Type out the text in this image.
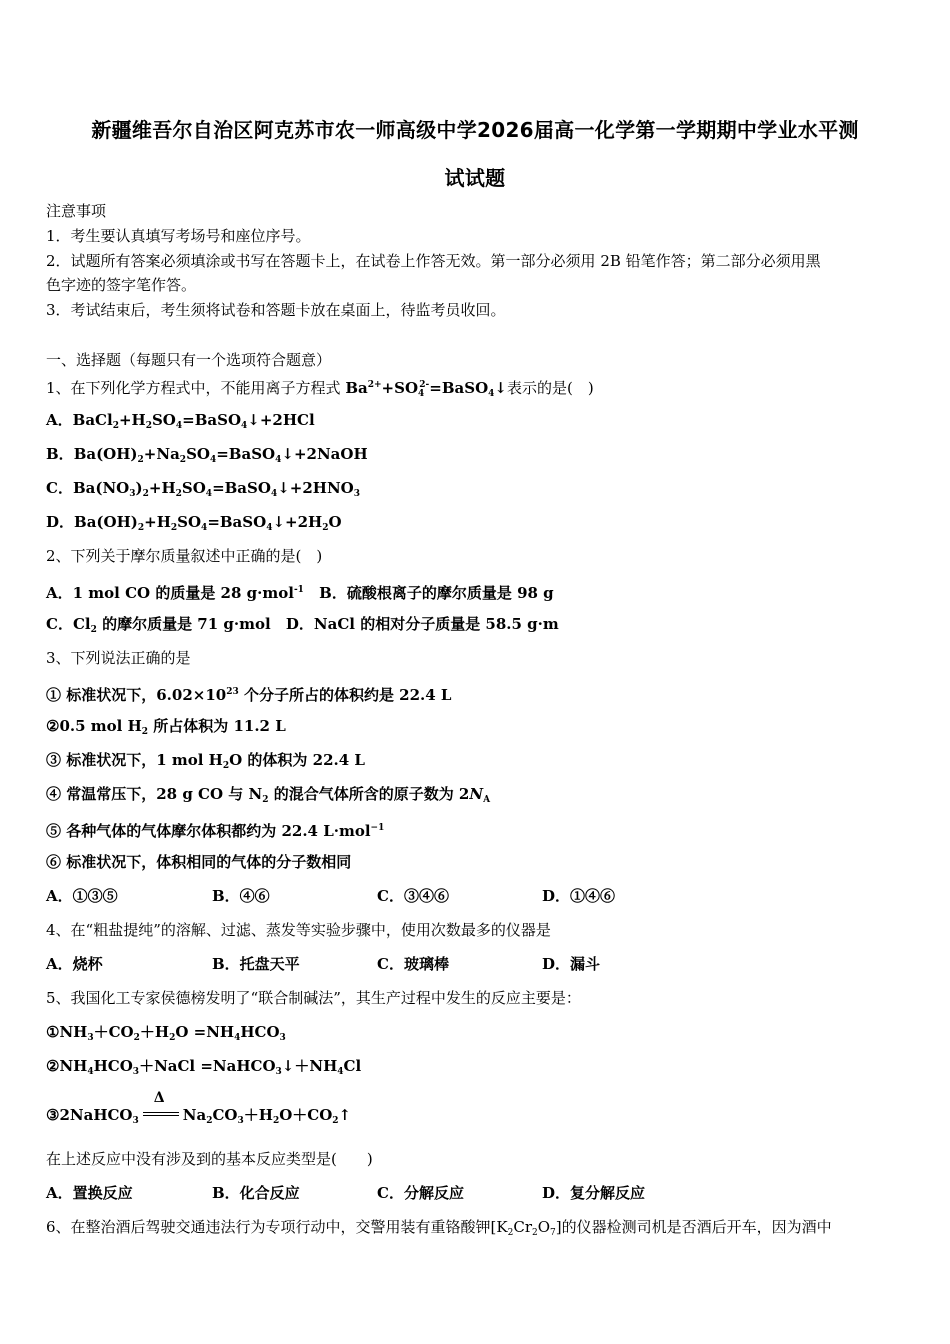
新疆维吾尔自治区阿克苏市农一师高级中学2026届高一化学第一学期期中学业水平测
试试题
注意事项
1．考生要认真填写考场号和座位序号。
2．试题所有答案必须填涂或书写在答题卡上，在试卷上作答无效。第一部分必须用 2B 铅笔作答；第二部分必须用黑
色字迹的签字笔作答。
3．考试结束后，考生须将试卷和答题卡放在桌面上，待监考员收回。
一、选择题（每题只有一个选项符合题意）
1、在下列化学方程式中，不能用离子方程式 $Ba^{2+}+SO_4^{2-}=BaSO_4↓$表示的是(　)
A．$BaCl_2+H_2SO_4=BaSO_4↓+2HCl$
B．$Ba(OH)_2+Na_2SO_4=BaSO_4↓+2NaOH$
C．$Ba(NO_3)_2+H_2SO_4=BaSO_4↓+2HNO_3$
D．$Ba(OH)_2+H_2SO_4=BaSO_4↓+2H_2O$
2、下列关于摩尔质量叙述中正确的是(　)
A．1 mol CO 的质量是 28 g·mol$^{-1}$ B．硫酸根离子的摩尔质量是 98 g
C．$Cl_2$ 的摩尔质量是 71 g·mol D．NaCl 的相对分子质量是 58.5 g·m
3、下列说法正确的是
① 标准状况下，$6.02\times 10^{23}$ 个分子所占的体积约是 22.4 L
②0.5 mol $H_2$ 所占体积为 11.2 L
③ 标准状况下，1 mol $H_2O$ 的体积为 22.4 L
④ 常温常压下，28 g CO 与 $N_2$ 的混合气体所含的原子数为 $2N_A$
⑤ 各种气体的气体摩尔体积都约为 22.4 L·mol$^{-1}$
⑥ 标准状况下，体积相同的气体的分子数相同
A．①③⑤	B．④⑥	C．③④⑥	D．①④⑥
4、在“粗盐提纯”的溶解、过滤、蒸发等实验步骤中，使用次数最多的仪器是
A．烧杯	B．托盘天平	C．玻璃棒	D．漏斗
5、我国化工专家侯德榜发明了“联合制碱法”，其生产过程中发生的反应主要是：
$①NH_3+CO_2+H_2O =NH_4HCO_3$
$②NH_4HCO_3+NaCl$ $=NaHCO_3↓+NH_4Cl$
③2NaHCO$_3$
Δ
$Na_2CO_3+H_2O+CO_2↑$
在上述反应中没有涉及到的基本反应类型是(　　)
A．置换反应	B．化合反应	C．分解反应	D．复分解反应
6、在整治酒后驾驶交通违法行为专项行动中，交警用装有重铬酸钾$[K_2Cr_2O_7]$的仪器检测司机是否酒后开车，因为酒中
